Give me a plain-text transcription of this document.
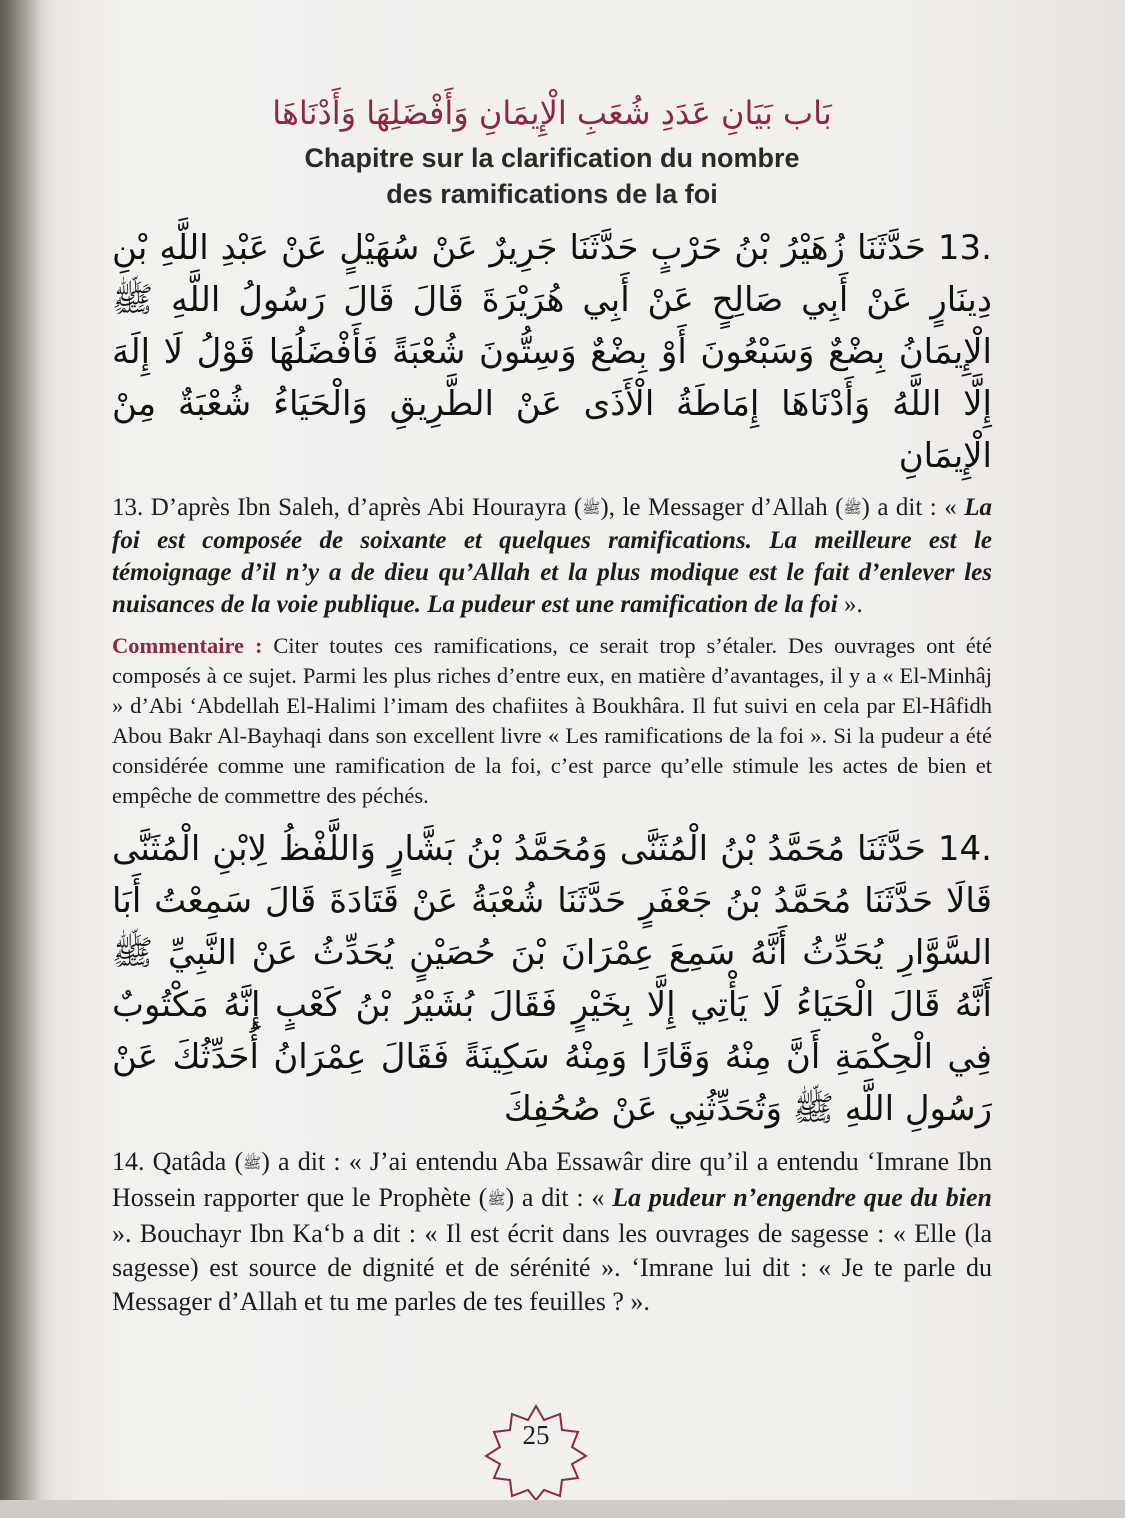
بَاب بَيَانِ عَدَدِ شُعَبِ الْإِيمَانِ وَأَفْضَلِهَا وَأَدْنَاهَا
Chapitre sur la clarification du nombre
des ramifications de la foi

13. حَدَّثَنَا زُهَيْرُ بْنُ حَرْبٍ حَدَّثَنَا جَرِيرٌ عَنْ سُهَيْلٍ عَنْ عَبْدِ اللَّهِ بْنِ دِينَارٍ عَنْ أَبِي صَالِحٍ عَنْ أَبِي هُرَيْرَةَ قَالَ قَالَ رَسُولُ اللَّهِ ﷺ الْإِيمَانُ بِضْعٌ وَسَبْعُونَ أَوْ بِضْعٌ وَسِتُّونَ شُعْبَةً فَأَفْضَلُهَا قَوْلُ لَا إِلَهَ إِلَّا اللَّهُ وَأَدْنَاهَا إِمَاطَةُ الْأَذَى عَنْ الطَّرِيقِ وَالْحَيَاءُ شُعْبَةٌ مِنْ الْإِيمَانِ

13. D’après Ibn Saleh, d’après Abi Hourayra (ﷺ), le Messager d’Allah (ﷺ) a dit : « La foi est composée de soixante et quelques ramifications. La meilleure est le témoignage d’il n’y a de dieu qu’Allah et la plus modique est le fait d’enlever les nuisances de la voie publique. La pudeur est une ramification de la foi ».

Commentaire : Citer toutes ces ramifications, ce serait trop s’étaler. Des ouvrages ont été composés à ce sujet. Parmi les plus riches d’entre eux, en matière d’avantages, il y a « El-Minhâj » d’Abi ‘Abdellah El-Halimi l’imam des chafiites à Boukhâra. Il fut suivi en cela par El-Hâfidh Abou Bakr Al-Bayhaqi dans son excellent livre « Les ramifications de la foi ». Si la pudeur a été considérée comme une ramification de la foi, c’est parce qu’elle stimule les actes de bien et empêche de commettre des péchés.

14. حَدَّثَنَا مُحَمَّدُ بْنُ الْمُثَنَّى وَمُحَمَّدُ بْنُ بَشَّارٍ وَاللَّفْظُ لِابْنِ الْمُثَنَّى قَالَا حَدَّثَنَا مُحَمَّدُ بْنُ جَعْفَرٍ حَدَّثَنَا شُعْبَةُ عَنْ قَتَادَةَ قَالَ سَمِعْتُ أَبَا السَّوَّارِ يُحَدِّثُ أَنَّهُ سَمِعَ عِمْرَانَ بْنَ حُصَيْنٍ يُحَدِّثُ عَنْ النَّبِيِّ ﷺ أَنَّهُ قَالَ الْحَيَاءُ لَا يَأْتِي إِلَّا بِخَيْرٍ فَقَالَ بُشَيْرُ بْنُ كَعْبٍ إِنَّهُ مَكْتُوبٌ فِي الْحِكْمَةِ أَنَّ مِنْهُ وَقَارًا وَمِنْهُ سَكِينَةً فَقَالَ عِمْرَانُ أُحَدِّثُكَ عَنْ رَسُولِ اللَّهِ ﷺ وَتُحَدِّثُنِي عَنْ صُحُفِكَ

14. Qatâda (ﷺ) a dit : « J’ai entendu Aba Essawâr dire qu’il a entendu ‘Imrane Ibn Hossein rapporter que le Prophète (ﷺ) a dit : « La pudeur n’engendre que du bien ». Bouchayr Ibn Ka‘b a dit : « Il est écrit dans les ouvrages de sagesse : « Elle (la sagesse) est source de dignité et de sérénité ». ‘Imrane lui dit : « Je te parle du Messager d’Allah et tu me parles de tes feuilles ? ».

25
